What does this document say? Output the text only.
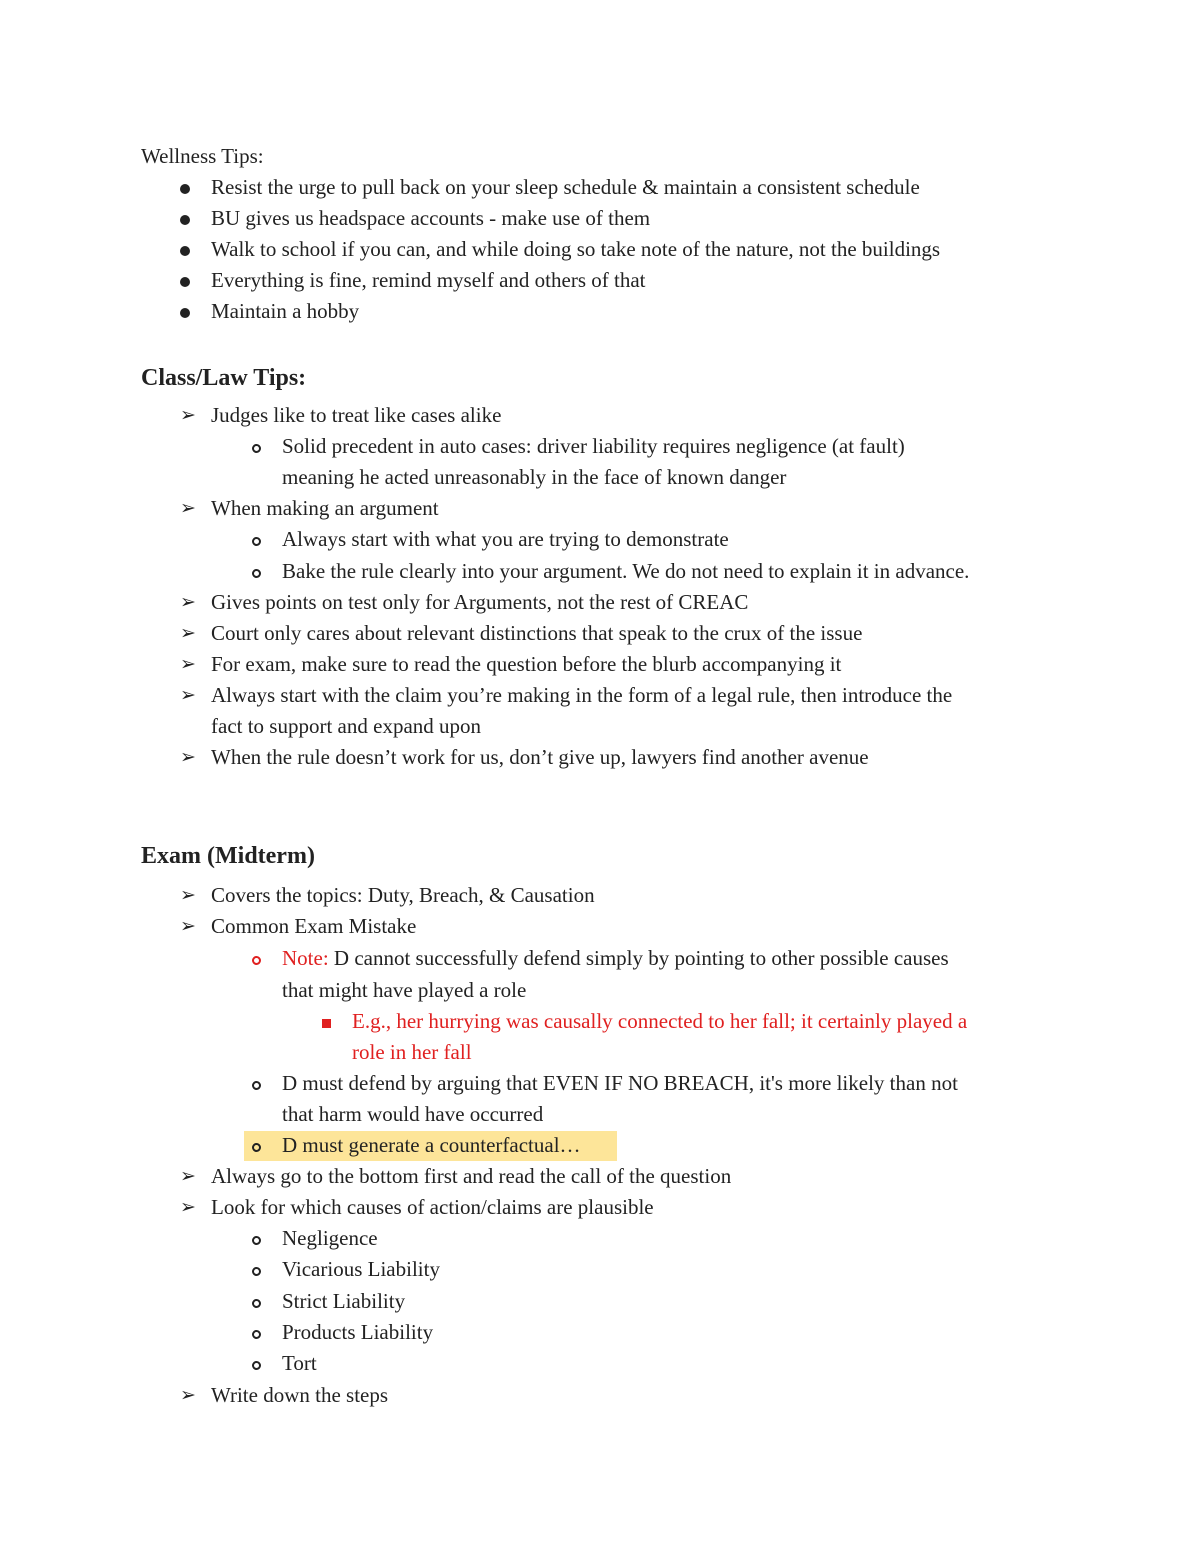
Wellness Tips:
Resist the urge to pull back on your sleep schedule & maintain a consistent schedule
BU gives us headspace accounts - make use of them
Walk to school if you can, and while doing so take note of the nature, not the buildings
Everything is fine, remind myself and others of that
Maintain a hobby
Class/Law Tips:
➢ Judges like to treat like cases alike
Solid precedent in auto cases: driver liability requires negligence (at fault)
meaning he acted unreasonably in the face of known danger
➢ When making an argument
Always start with what you are trying to demonstrate
Bake the rule clearly into your argument. We do not need to explain it in advance.
➢ Gives points on test only for Arguments, not the rest of CREAC
➢ Court only cares about relevant distinctions that speak to the crux of the issue
➢ For exam, make sure to read the question before the blurb accompanying it
➢ Always start with the claim you’re making in the form of a legal rule, then introduce the
fact to support and expand upon
➢ When the rule doesn’t work for us, don’t give up, lawyers find another avenue
Exam (Midterm)
➢ Covers the topics: Duty, Breach, & Causation
➢ Common Exam Mistake
Note: D cannot successfully defend simply by pointing to other possible causes
that might have played a role
E.g., her hurrying was causally connected to her fall; it certainly played a
role in her fall
D must defend by arguing that EVEN IF NO BREACH, it's more likely than not
that harm would have occurred
D must generate a counterfactual…
➢ Always go to the bottom first and read the call of the question
➢ Look for which causes of action/claims are plausible
Negligence
Vicarious Liability
Strict Liability
Products Liability
Tort
➢ Write down the steps
